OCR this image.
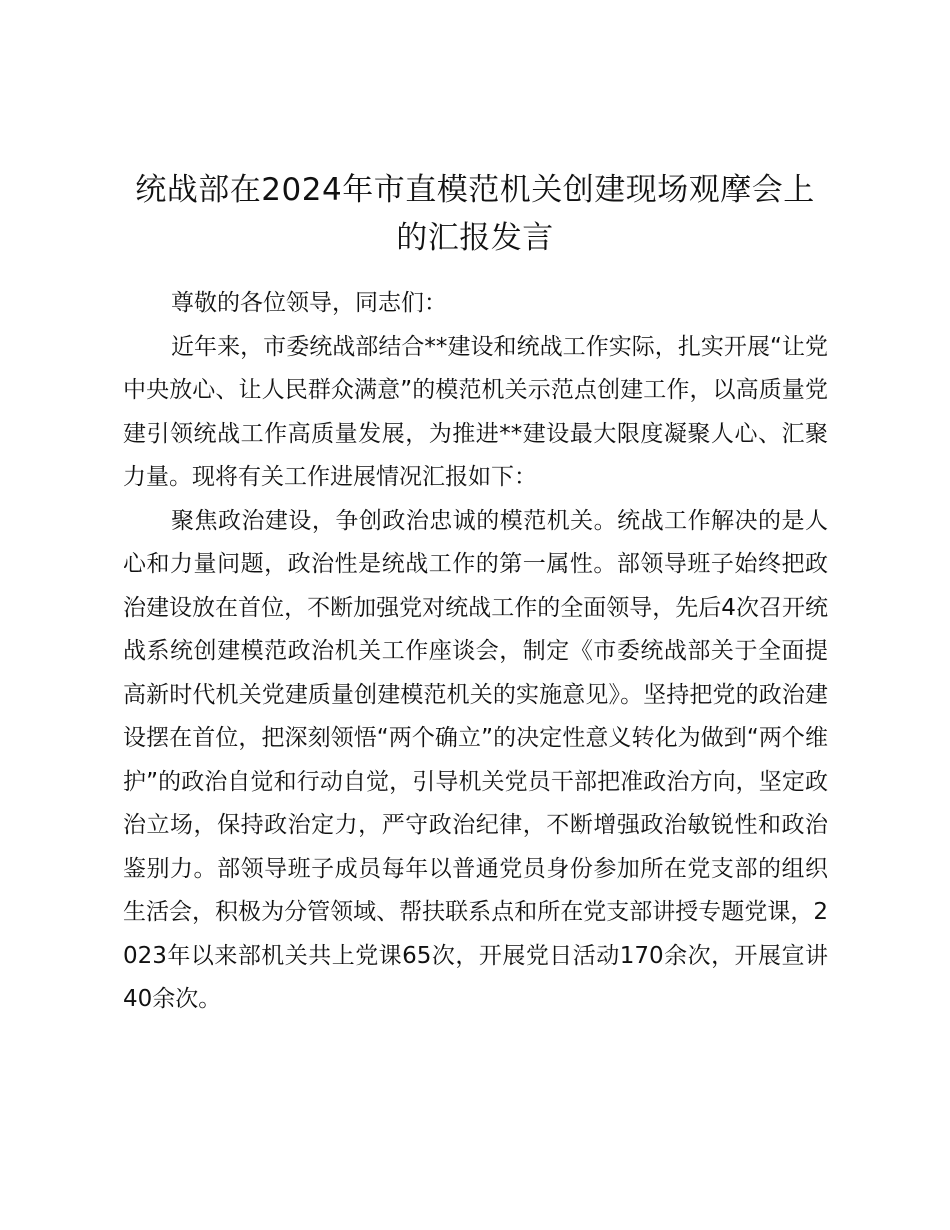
统战部在2024年市直模范机关创建现场观摩会上的汇报发言

尊敬的各位领导，同志们：

近年来，市委统战部结合**建设和统战工作实际，扎实开展“让党中央放心、让人民群众满意”的模范机关示范点创建工作，以高质量党建引领统战工作高质量发展，为推进**建设最大限度凝聚人心、汇聚力量。现将有关工作进展情况汇报如下：

聚焦政治建设，争创政治忠诚的模范机关。统战工作解决的是人心和力量问题，政治性是统战工作的第一属性。部领导班子始终把政治建设放在首位，不断加强党对统战工作的全面领导，先后4次召开统战系统创建模范政治机关工作座谈会，制定《市委统战部关于全面提高新时代机关党建质量创建模范机关的实施意见》。坚持把党的政治建设摆在首位，把深刻领悟“两个确立”的决定性意义转化为做到“两个维护”的政治自觉和行动自觉，引导机关党员干部把准政治方向，坚定政治立场，保持政治定力，严守政治纪律，不断增强政治敏锐性和政治鉴别力。部领导班子成员每年以普通党员身份参加所在党支部的组织生活会，积极为分管领域、帮扶联系点和所在党支部讲授专题党课，2023年以来部机关共上党课65次，开展党日活动170余次，开展宣讲40余次。
